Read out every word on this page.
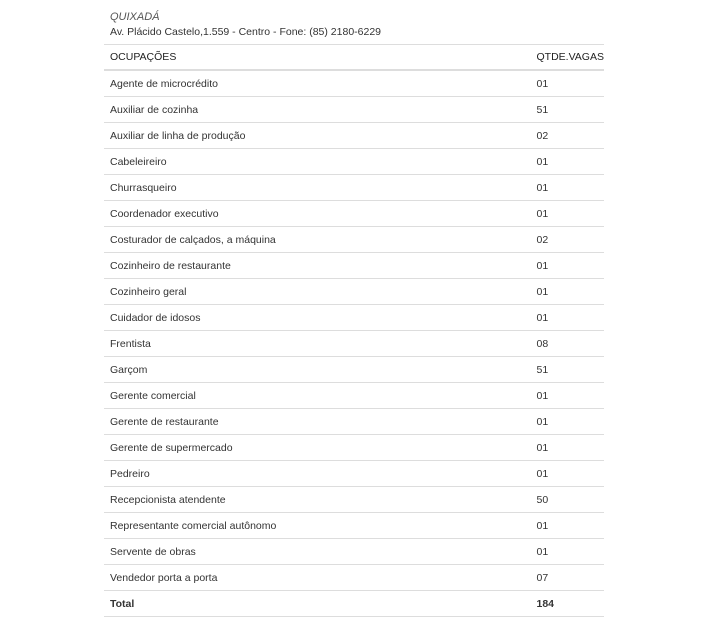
QUIXADÁ
Av. Plácido Castelo,1.559 - Centro - Fone: (85) 2180-6229
OCUPAÇÕES	QTDE.VAGAS
Agente de microcrédito	01
Auxiliar de cozinha	51
Auxiliar de linha de produção	02
Cabeleireiro	01
Churrasqueiro	01
Coordenador executivo	01
Costurador de calçados, a máquina	02
Cozinheiro de restaurante	01
Cozinheiro geral	01
Cuidador de idosos	01
Frentista	08
Garçom	51
Gerente comercial	01
Gerente de restaurante	01
Gerente de supermercado	01
Pedreiro	01
Recepcionista atendente	50
Representante comercial autônomo	01
Servente de obras	01
Vendedor porta a porta	07
Total	184
